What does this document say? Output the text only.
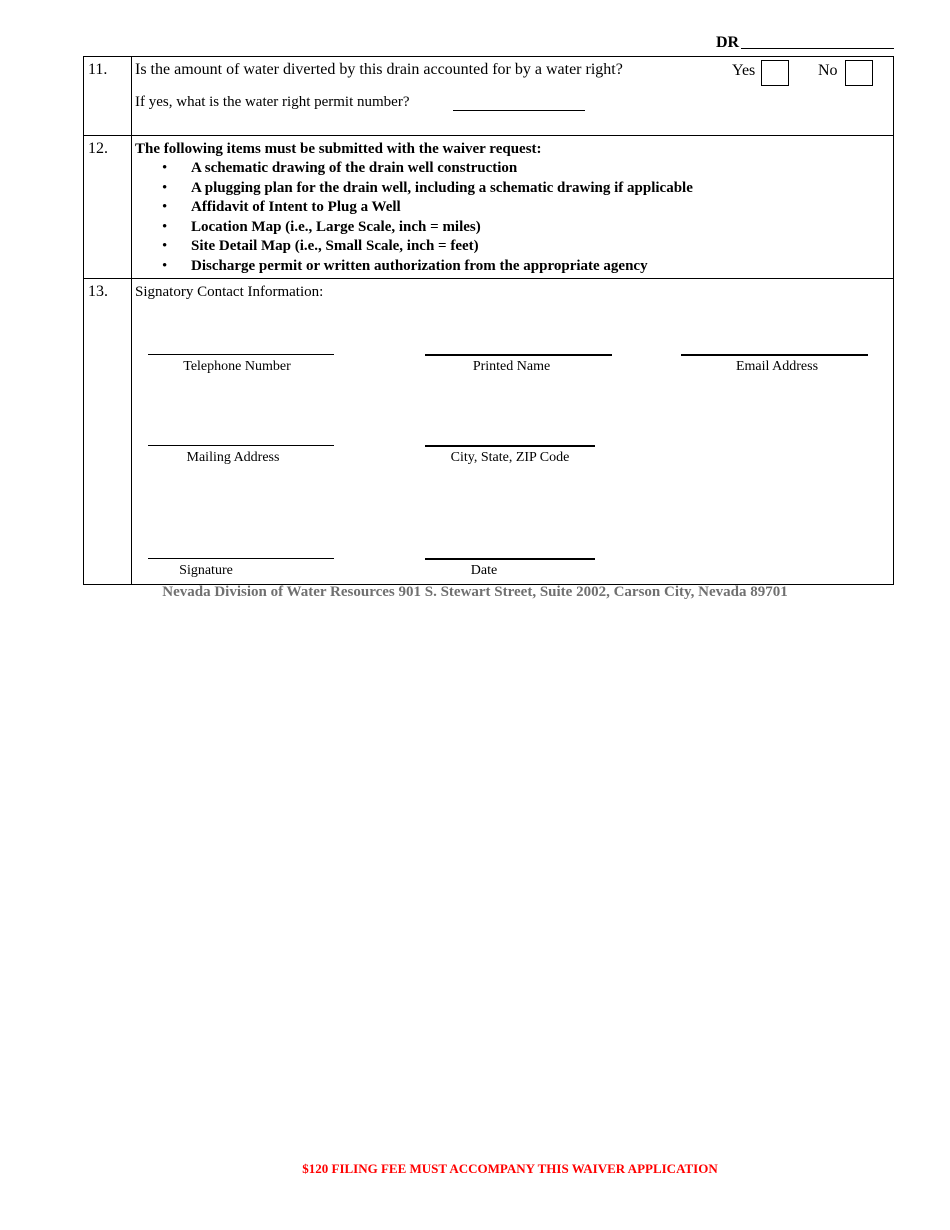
DR
11.	Is the amount of water diverted by this drain accounted for by a water right?	Yes	No
If yes, what is the water right permit number?
12.	The following items must be submitted with the waiver request:

• A schematic drawing of the drain well construction
• A plugging plan for the drain well, including a schematic drawing if applicable
• Affidavit of Intent to Plug a Well
• Location Map (i.e., Large Scale, inch = miles)
• Site Detail Map (i.e., Small Scale, inch = feet)
• Discharge permit or written authorization from the appropriate agency
13.	Signatory Contact Information:
Telephone Number	Printed Name	Email Address
Mailing Address	City, State, ZIP Code
Signature	Date
Nevada Division of Water Resources 901 S. Stewart Street, Suite 2002, Carson City, Nevada 89701
$120 FILING FEE MUST ACCOMPANY THIS WAIVER APPLICATION
